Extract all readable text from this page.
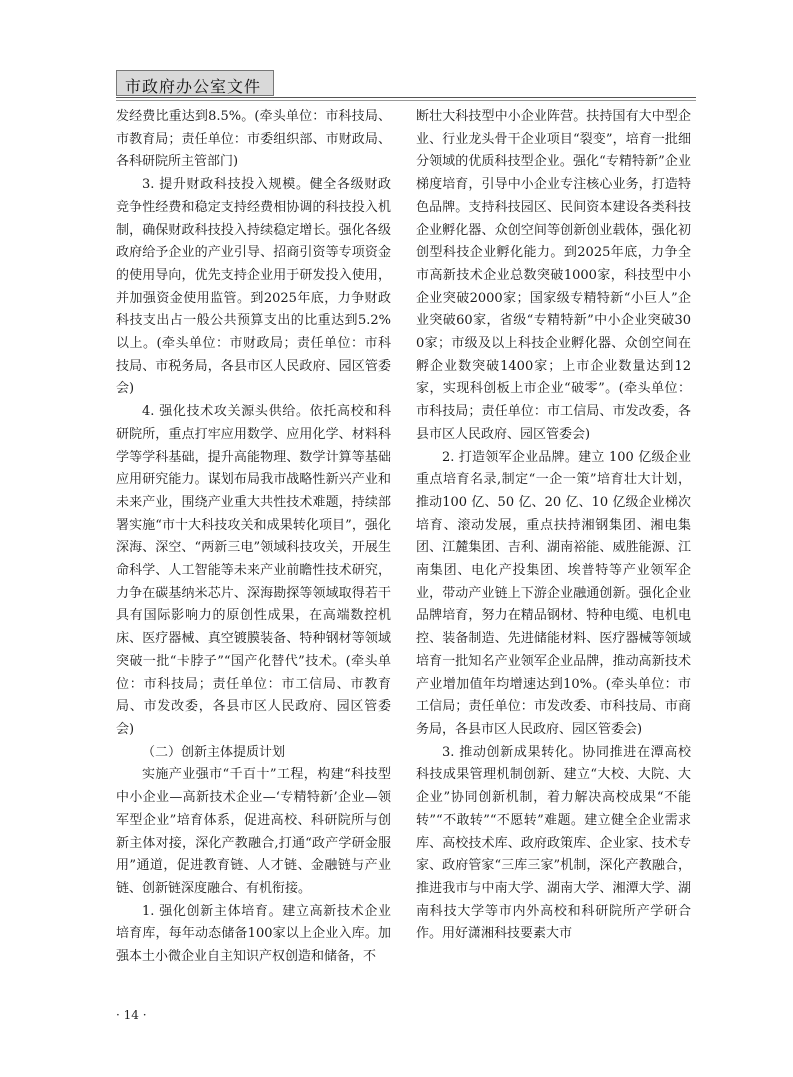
市政府办公室文件

发经费比重达到8.5%。(牵头单位：市科技局、市教育局；责任单位：市委组织部、市财政局、各科研院所主管部门)

3. 提升财政科技投入规模。健全各级财政竞争性经费和稳定支持经费相协调的科技投入机制，确保财政科技投入持续稳定增长。强化各级政府给予企业的产业引导、招商引资等专项资金的使用导向，优先支持企业用于研发投入使用，并加强资金使用监管。到2025年底，力争财政科技支出占一般公共预算支出的比重达到5.2% 以上。(牵头单位：市财政局；责任单位：市科技局、市税务局，各县市区人民政府、园区管委会)

4. 强化技术攻关源头供给。依托高校和科研院所，重点打牢应用数学、应用化学、材料科学等学科基础，提升高能物理、数学计算等基础应用研究能力。谋划布局我市战略性新兴产业和未来产业，围绕产业重大共性技术难题，持续部署实施“市十大科技攻关和成果转化项目”，强化深海、深空、“两新三电”领域科技攻关，开展生命科学、人工智能等未来产业前瞻性技术研究，力争在碳基纳米芯片、深海勘探等领域取得若干具有国际影响力的原创性成果，在高端数控机床、医疗器械、真空镀膜装备、特种钢材等领域突破一批“卡脖子”“国产化替代”技术。(牵头单位：市科技局；责任单位：市工信局、市教育局、市发改委，各县市区人民政府、园区管委会)

（二）创新主体提质计划

实施产业强市“千百十”工程，构建“科技型中小企业—高新技术企业—‘专精特新’企业—领军型企业”培育体系，促进高校、科研院所与创新主体对接，深化产教融合,打通“政产学研金服用”通道，促进教育链、人才链、金融链与产业链、创新链深度融合、有机衔接。

1. 强化创新主体培育。建立高新技术企业培育库，每年动态储备100家以上企业入库。加强本土小微企业自主知识产权创造和储备，不

断壮大科技型中小企业阵营。扶持国有大中型企业、行业龙头骨干企业项目“裂变”，培育一批细分领域的优质科技型企业。强化“专精特新”企业梯度培育，引导中小企业专注核心业务，打造特色品牌。支持科技园区、民间资本建设各类科技企业孵化器、众创空间等创新创业载体，强化初创型科技企业孵化能力。到2025年底，力争全市高新技术企业总数突破1000家，科技型中小企业突破2000家；国家级专精特新“小巨人”企业突破60家，省级“专精特新”中小企业突破300家；市级及以上科技企业孵化器、众创空间在孵企业数突破1400家；上市企业数量达到12家，实现科创板上市企业“破零”。(牵头单位：市科技局；责任单位：市工信局、市发改委，各县市区人民政府、园区管委会)

2. 打造领军企业品牌。建立 100 亿级企业重点培育名录,制定“一企一策”培育壮大计划，推动100 亿、50 亿、20 亿、10 亿级企业梯次培育、滚动发展，重点扶持湘钢集团、湘电集团、江麓集团、吉利、湖南裕能、威胜能源、江南集团、电化产投集团、埃普特等产业领军企业，带动产业链上下游企业融通创新。强化企业品牌培育，努力在精品钢材、特种电缆、电机电控、装备制造、先进储能材料、医疗器械等领域培育一批知名产业领军企业品牌，推动高新技术产业增加值年均增速达到10%。(牵头单位：市工信局；责任单位：市发改委、市科技局、市商务局，各县市区人民政府、园区管委会)

3. 推动创新成果转化。协同推进在潭高校科技成果管理机制创新、建立“大校、大院、大企业”协同创新机制，着力解决高校成果“不能转”“不敢转”“不愿转”难题。建立健全企业需求库、高校技术库、政府政策库、企业家、技术专家、政府管家“三库三家”机制，深化产教融合，推进我市与中南大学、湖南大学、湘潭大学、湖南科技大学等市内外高校和科研院所产学研合作。用好潇湘科技要素大市

· 14 ·
